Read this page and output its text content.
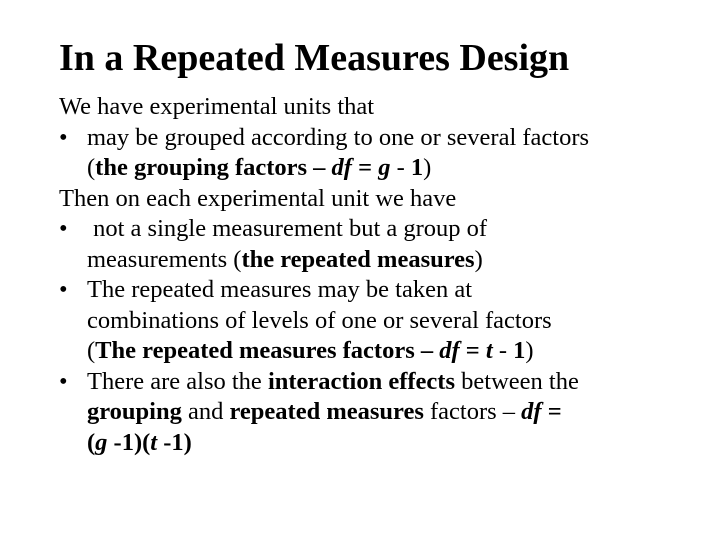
In a Repeated Measures Design

We have experimental units that

• may be grouped according to one or several factors
(the grouping factors – df = g - 1)

Then on each experimental unit we have

• not a single measurement but a group of
measurements (the repeated measures)
• The repeated measures may be taken at
combinations of levels of one or several factors
(The repeated measures factors – df = t - 1)
• There are also the interaction effects between the
grouping and repeated measures factors – df =
(g -1)(t -1)
